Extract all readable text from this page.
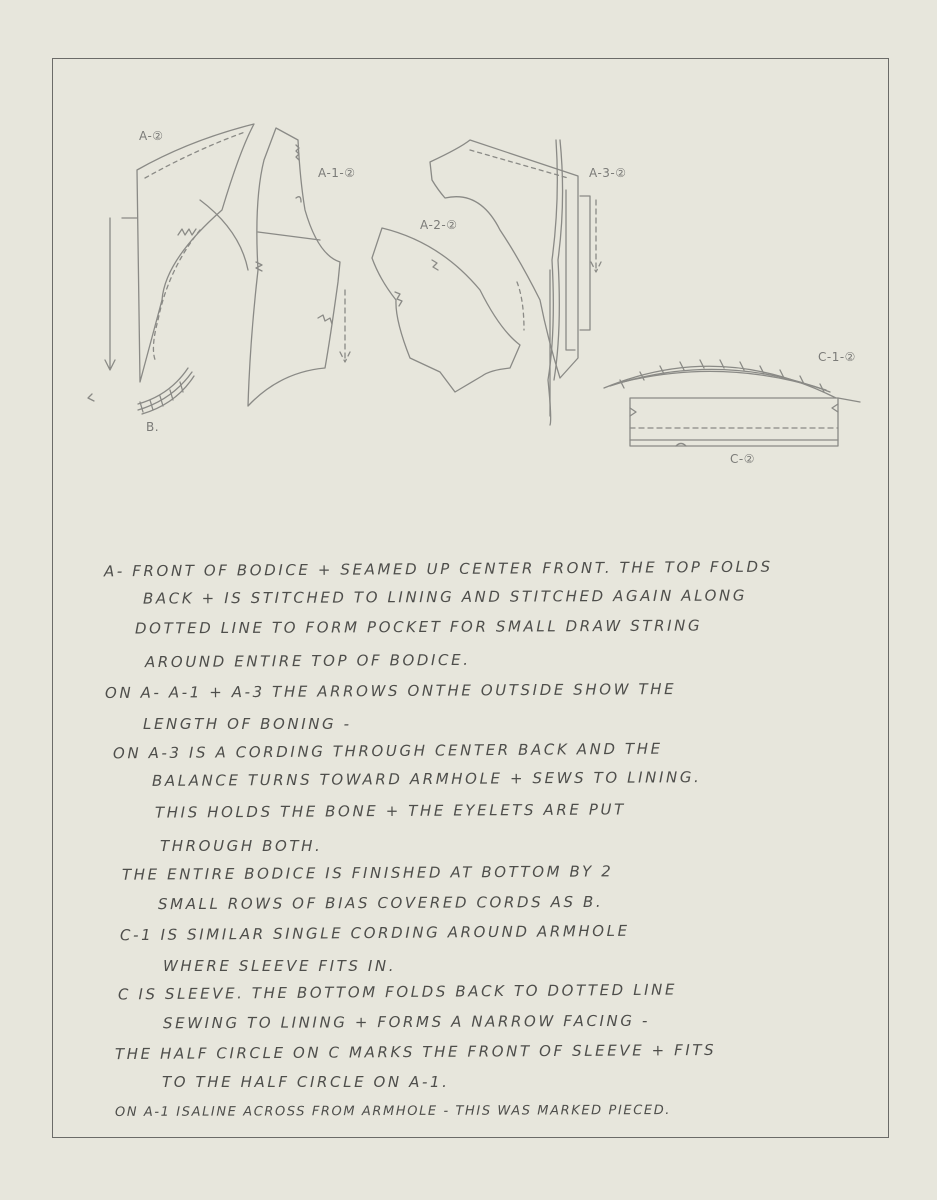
A-②
A-1-②
A-2-②
A-3-②
B.
C-1-②
C-②
A- FRONT OF BODICE + SEAMED UP CENTER FRONT. THE TOP FOLDS
BACK + IS STITCHED TO LINING AND STITCHED AGAIN ALONG
DOTTED LINE TO FORM POCKET FOR SMALL DRAW STRING
AROUND ENTIRE TOP OF BODICE.
ON A- A-1 + A-3 THE ARROWS ONTHE OUTSIDE SHOW THE
LENGTH OF BONING -
ON A-3 IS A CORDING THROUGH CENTER BACK AND THE
BALANCE TURNS TOWARD ARMHOLE + SEWS TO LINING.
THIS HOLDS THE BONE + THE EYELETS ARE PUT
THROUGH BOTH.
THE ENTIRE BODICE IS FINISHED AT BOTTOM BY 2
SMALL ROWS OF BIAS COVERED CORDS AS B.
C-1 IS SIMILAR SINGLE CORDING AROUND ARMHOLE
WHERE SLEEVE FITS IN.
C IS SLEEVE. THE BOTTOM FOLDS BACK TO DOTTED LINE
SEWING TO LINING + FORMS A NARROW FACING -
THE HALF CIRCLE ON C MARKS THE FRONT OF SLEEVE + FITS
TO THE HALF CIRCLE ON A-1.
ON A-1 ISALINE ACROSS FROM ARMHOLE - THIS WAS MARKED PIECED.
